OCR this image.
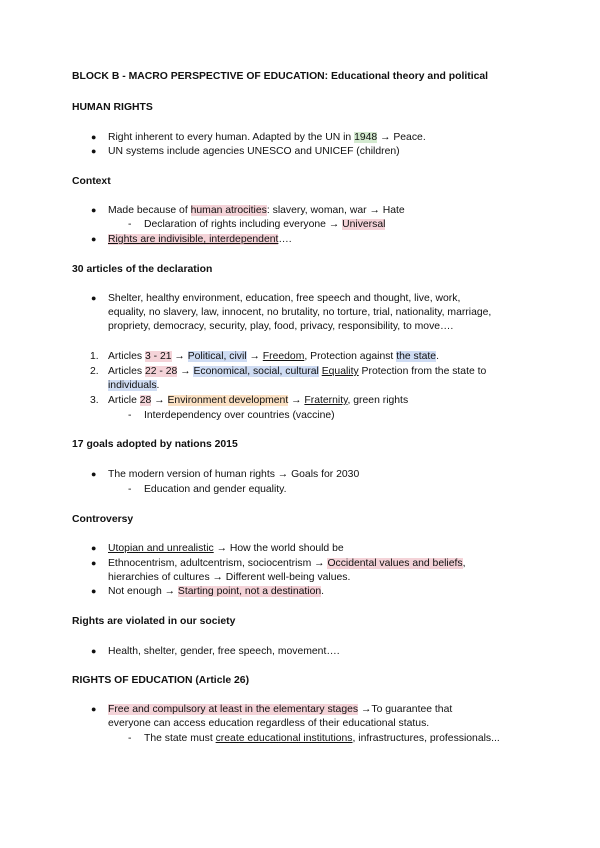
BLOCK B - MACRO PERSPECTIVE OF EDUCATION: Educational theory and political
HUMAN RIGHTS
● Right inherent to every human. Adapted by the UN in 1948 → Peace.
● UN systems include agencies UNESCO and UNICEF (children)
Context
● Made because of human atrocities: slavery, woman, war → Hate
- Declaration of rights including everyone → Universal
● Rights are indivisible, interdependent….
30 articles of the declaration
● Shelter, healthy environment, education, free speech and thought, live, work,
equality, no slavery, law, innocent, no brutality, no torture, trial, nationality, marriage,
propriety, democracy, security, play, food, privacy, responsibility, to move….
1. Articles 3 - 21 → Political, civil → Freedom, Protection against the state.
2. Articles 22 - 28 → Economical, social, cultural Equality Protection from the state to
individuals.
3. Article 28 → Environment development → Fraternity, green rights
- Interdependency over countries (vaccine)
17 goals adopted by nations 2015
● The modern version of human rights → Goals for 2030
- Education and gender equality.
Controversy
● Utopian and unrealistic → How the world should be
● Ethnocentrism, adultcentrism, sociocentrism → Occidental values and beliefs,
hierarchies of cultures → Different well-being values.
● Not enough → Starting point, not a destination.
Rights are violated in our society
● Health, shelter, gender, free speech, movement….
RIGHTS OF EDUCATION (Article 26)
● Free and compulsory at least in the elementary stages →To guarantee that
everyone can access education regardless of their educational status.
- The state must create educational institutions, infrastructures, professionals...
